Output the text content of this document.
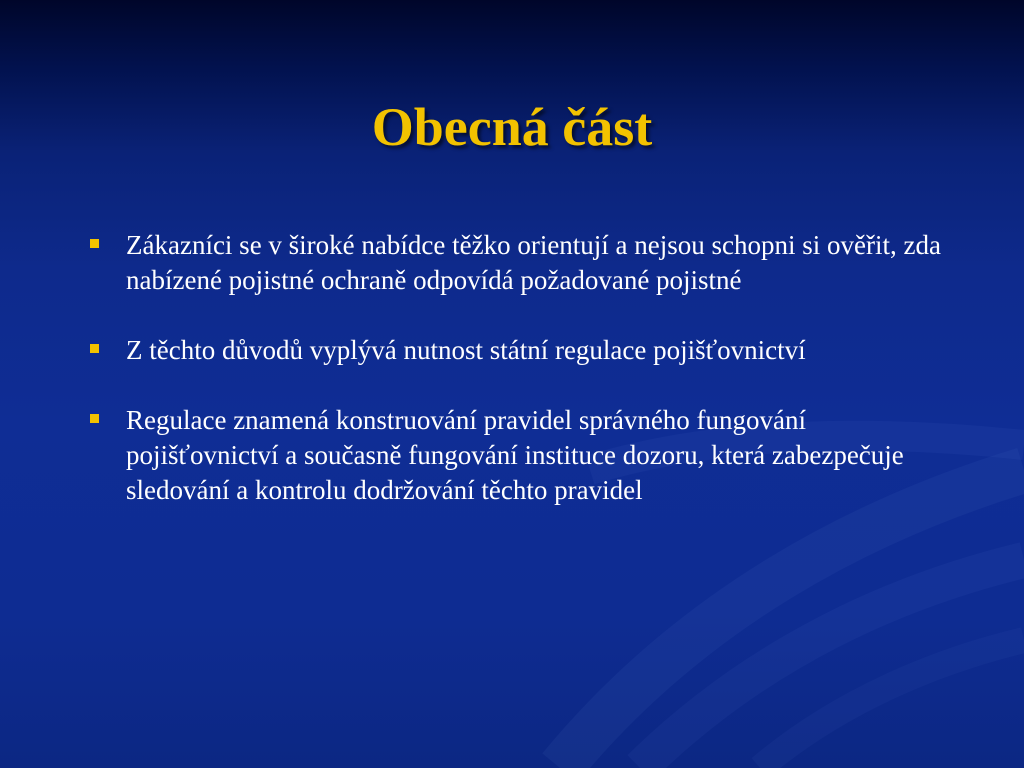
Obecná část
Zákazníci se v široké nabídce těžko orientují a nejsou schopni si ověřit, zda nabízené pojistné ochraně odpovídá požadované pojistné
Z těchto důvodů vyplývá nutnost státní regulace pojišťovnictví
Regulace znamená konstruování pravidel správného fungování pojišťovnictví a současně fungování instituce dozoru, která zabezpečuje sledování a kontrolu dodržování těchto pravidel
